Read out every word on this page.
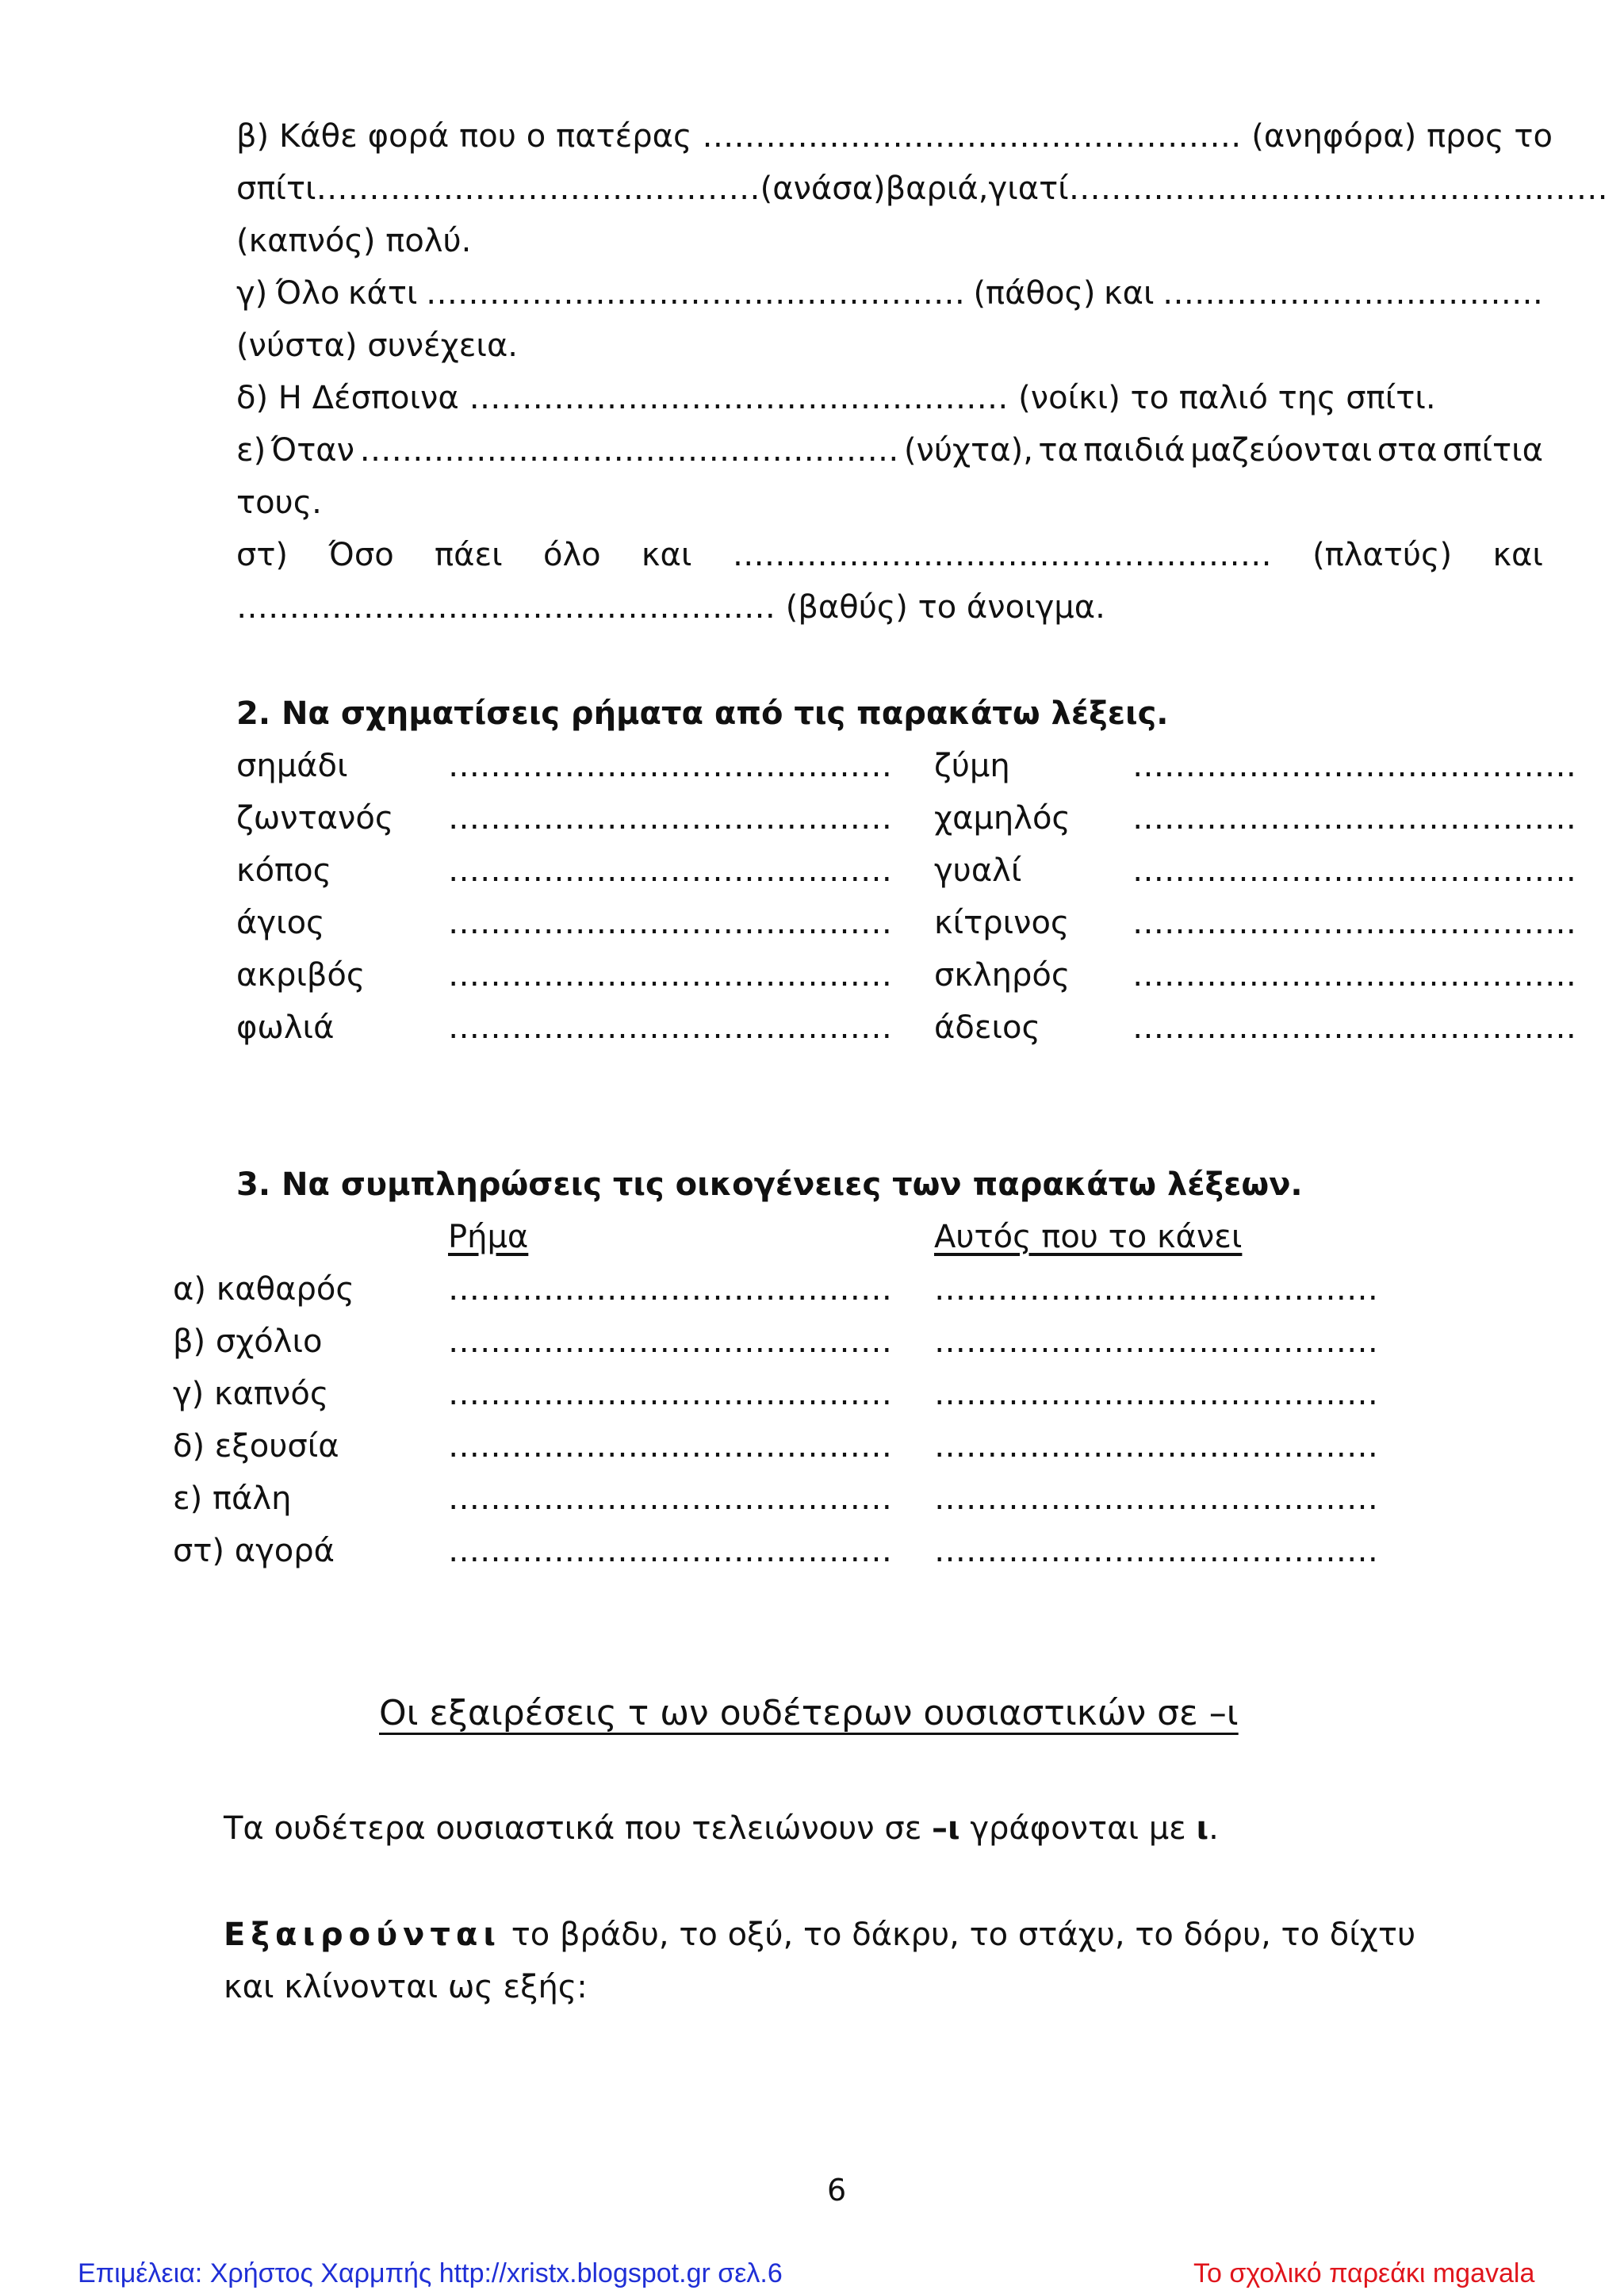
β) Κάθε φορά που ο πατέρας …………………………………………… (ανηφόρα) προς το
σπίτι …………………………………… (ανάσα) βαριά, γιατί ……………………………………………

(καπνός) πολύ.

γ) Όλο κάτι …………………………………………… (πάθος) και ………………………………

(νύστα) συνέχεια.

δ) Η Δέσποινα …………………………………………… (νοίκι) το παλιό της σπίτι.

ε) Όταν …………………………………………… (νύχτα), τα παιδιά μαζεύονται στα σπίτια

τους.

στ) Όσο πάει όλο και …………………………………………… (πλατύς) και

…………………………………………… (βαθύς) το άνοιγμα.

2. Να σχηματίσεις ρήματα από τις παρακάτω λέξεις.

σημάδι	…………………………………… ζύμη	……………………………………

ζωντανός …………………………………… χαμηλός ……………………………………

κόπος	…………………………………… γυαλί	……………………………………

άγιος	…………………………………… κίτρινος ……………………………………

ακριβός	…………………………………… σκληρός ……………………………………

φωλιά	…………………………………… άδειος	……………………………………

3. Να συμπληρώσεις τις οικογένειες των παρακάτω λέξεων.

Ρήμα	Αυτός που το κάνει

α) καθαρός	…………………………………… ……………………………………

β) σχόλιο	…………………………………… ……………………………………

γ) καπνός	…………………………………… ……………………………………

δ) εξουσία	…………………………………… ……………………………………

ε) πάλη	…………………………………… ……………………………………

στ) αγορά	…………………………………… ……………………………………

Οι εξαιρέσεις τ ων ουδέτερων ουσιαστικών σε –ι

Τα ουδέτερα ουσιαστικά που τελειώνουν σε –ι γράφονται με ι.

Εξαιρούνται το βράδυ, το οξύ, το δάκρυ, το στάχυ, το δόρυ, το δίχτυ

και κλίνονται ως εξής:

6

Επιμέλεια: Χρήστος Χαρμπής http://xristx.blogspot.gr σελ.6	Το σχολικό παρεάκι mgavala
